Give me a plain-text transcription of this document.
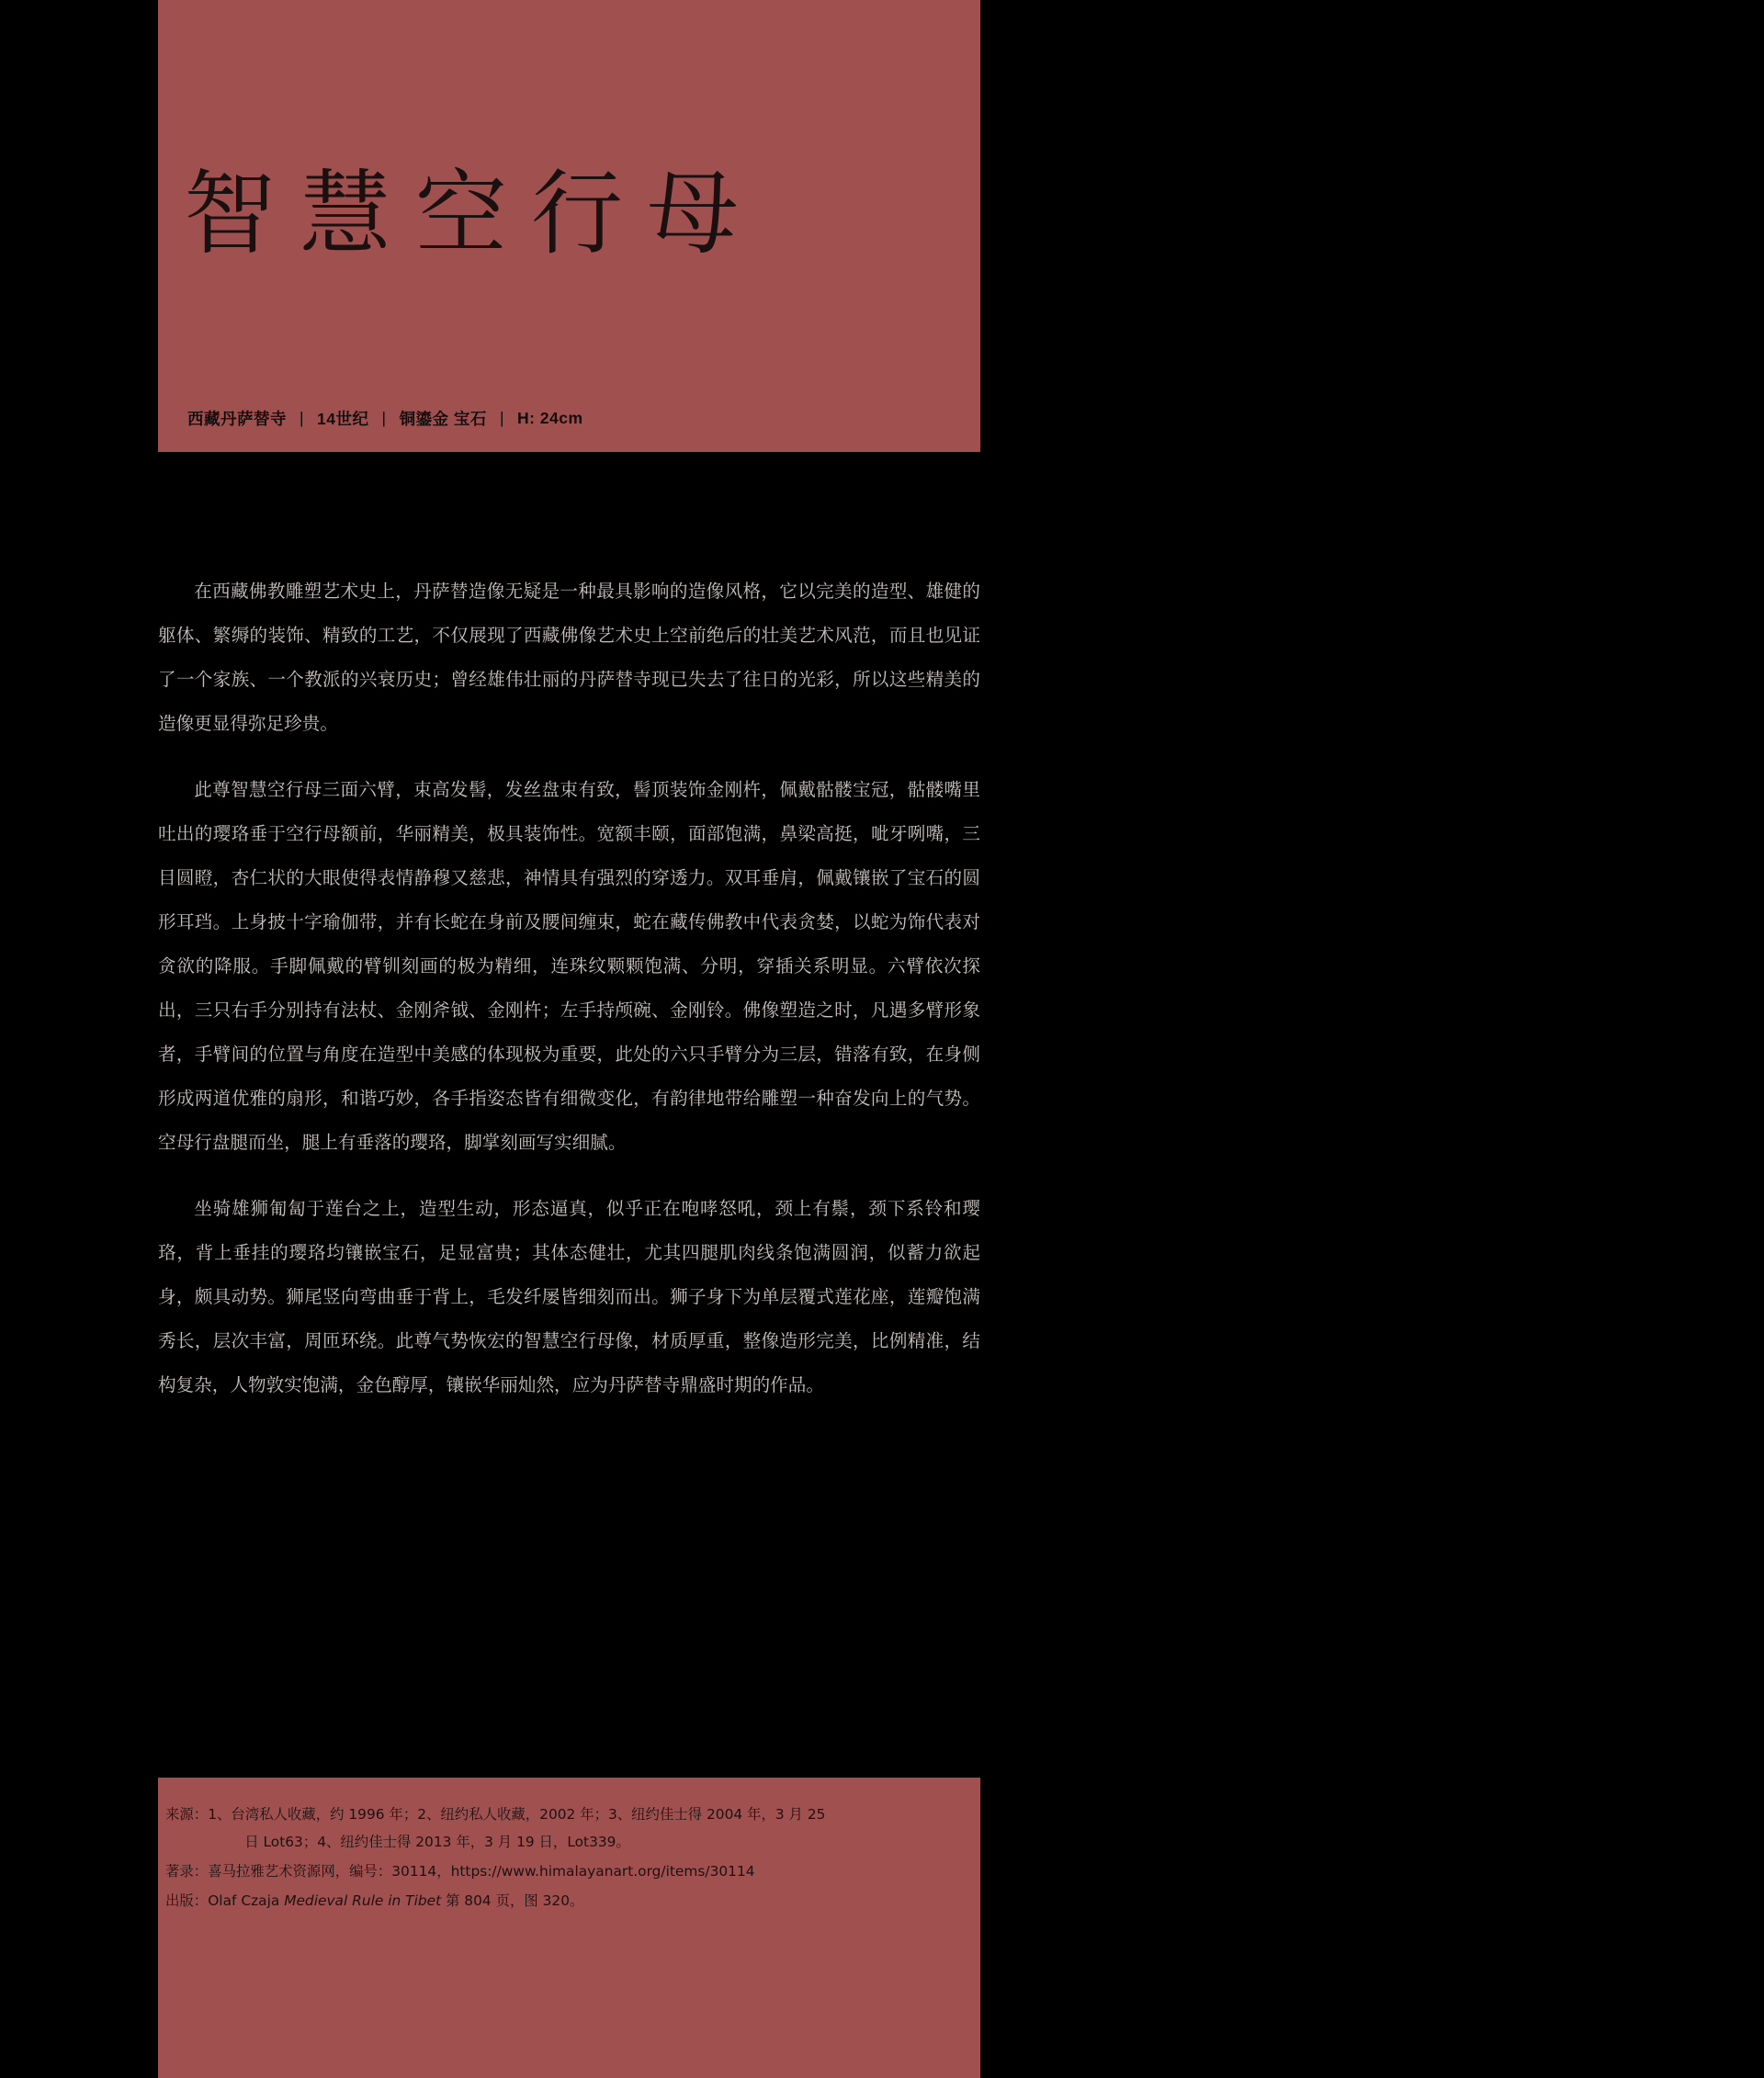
智慧空行母
西藏丹萨替寺 | 14世纪 | 铜鎏金 宝石 | H: 24cm

在西藏佛教雕塑艺术史上，丹萨替造像无疑是一种最具影响的造像风格，它以完美的造型、雄健的躯体、繁缛的装饰、精致的工艺，不仅展现了西藏佛像艺术史上空前绝后的壮美艺术风范，而且也见证了一个家族、一个教派的兴衰历史；曾经雄伟壮丽的丹萨替寺现已失去了往日的光彩，所以这些精美的造像更显得弥足珍贵。

此尊智慧空行母三面六臂，束高发髻，发丝盘束有致，髻顶装饰金刚杵，佩戴骷髅宝冠，骷髅嘴里吐出的璎珞垂于空行母额前，华丽精美，极具装饰性。宽额丰颐，面部饱满，鼻梁高挺，呲牙咧嘴，三目圆瞪，杏仁状的大眼使得表情静穆又慈悲，神情具有强烈的穿透力。双耳垂肩，佩戴镶嵌了宝石的圆形耳珰。上身披十字瑜伽带，并有长蛇在身前及腰间缠束，蛇在藏传佛教中代表贪婪，以蛇为饰代表对贪欲的降服。手脚佩戴的臂钏刻画的极为精细，连珠纹颗颗饱满、分明，穿插关系明显。六臂依次探出，三只右手分别持有法杖、金刚斧钺、金刚杵；左手持颅碗、金刚铃。佛像塑造之时，凡遇多臂形象者，手臂间的位置与角度在造型中美感的体现极为重要，此处的六只手臂分为三层，错落有致，在身侧形成两道优雅的扇形，和谐巧妙，各手指姿态皆有细微变化，有韵律地带给雕塑一种奋发向上的气势。空母行盘腿而坐，腿上有垂落的璎珞，脚掌刻画写实细腻。

坐骑雄狮匍匐于莲台之上，造型生动，形态逼真，似乎正在咆哮怒吼，颈上有鬃，颈下系铃和璎珞，背上垂挂的璎珞均镶嵌宝石，足显富贵；其体态健壮，尤其四腿肌肉线条饱满圆润，似蓄力欲起身，颇具动势。狮尾竖向弯曲垂于背上，毛发纤屡皆细刻而出。狮子身下为单层覆式莲花座，莲瓣饱满秀长，层次丰富，周匝环绕。此尊气势恢宏的智慧空行母像，材质厚重，整像造形完美，比例精准，结构复杂，人物敦实饱满，金色醇厚，镶嵌华丽灿然，应为丹萨替寺鼎盛时期的作品。

来源： 1、台湾私人收藏，约 1996 年；2、纽约私人收藏，2002 年；3、纽约佳士得 2004 年，3 月 25
日 Lot63；4、纽约佳士得 2013 年，3 月 19 日，Lot339。
著录： 喜马拉雅艺术资源网，编号：30114，https://www.himalayanart.org/items/30114
出版： Olaf Czaja Medieval Rule in Tibet 第 804 页，图 320。
